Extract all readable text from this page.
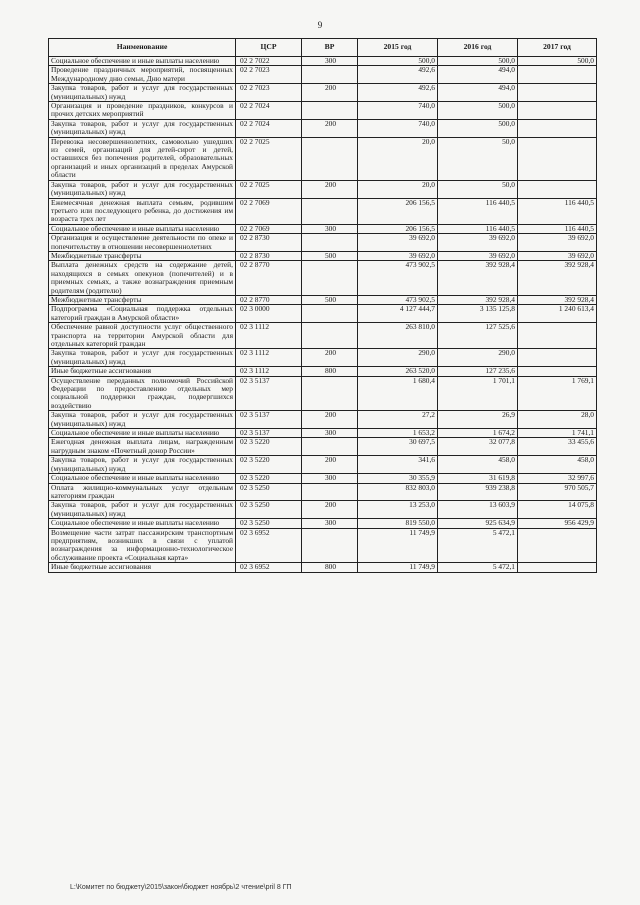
9
Наименование	ЦСР	ВР	2015 год	2016 год	2017 год
Социальное обеспечение и иные выплаты населению	02 2 7022	300	500,0	500,0	500,0
Проведение праздничных мероприятий, посвященных Международному дню семьи, Дню матери	02 2 7023		492,6	494,0	
Закупка товаров, работ и услуг для государственных (муниципальных) нужд	02 2 7023	200	492,6	494,0	
Организация и проведение праздников, конкурсов и прочих детских мероприятий	02 2 7024		740,0	500,0	
Закупка товаров, работ и услуг для государственных (муниципальных) нужд	02 2 7024	200	740,0	500,0	
Перевозка несовершеннолетних, самовольно ушедших из семей, организаций для детей-сирот и детей, оставшихся без попечения родителей, образовательных организаций и иных организаций в пределах Амурской области	02 2 7025		20,0	50,0	
Закупка товаров, работ и услуг для государственных (муниципальных) нужд	02 2 7025	200	20,0	50,0	
Ежемесячная денежная выплата семьям, родившим третьего или последующего ребенка, до достижения им возраста трех лет	02 2 7069		206 156,5	116 440,5	116 440,5
Социальное обеспечение и иные выплаты населению	02 2 7069	300	206 156,5	116 440,5	116 440,5
Организация и осуществление деятельности по опеке и попечительству в отношении несовершеннолетних	02 2 8730		39 692,0	39 692,0	39 692,0
Межбюджетные трансферты	02 2 8730	500	39 692,0	39 692,0	39 692,0
Выплата денежных средств на содержание детей, находящихся в семьях опекунов (попечителей) и в приемных семьях, а также вознаграждения приемным родителям (родителю)	02 2 8770		473 902,5	392 928,4	392 928,4
Межбюджетные трансферты	02 2 8770	500	473 902,5	392 928,4	392 928,4
Подпрограмма «Социальная поддержка отдельных категорий граждан в Амурской области»	02 3 0000		4 127 444,7	3 135 125,8	1 240 613,4
Обеспечение равной доступности услуг общественного транспорта на территории Амурской области для отдельных категорий граждан	02 3 1112		263 810,0	127 525,6	
Закупка товаров, работ и услуг для государственных (муниципальных) нужд	02 3 1112	200	290,0	290,0	
Иные бюджетные ассигнования	02 3 1112	800	263 520,0	127 235,6	
Осуществление переданных полномочий Российской Федерации по предоставлению отдельных мер социальной поддержки граждан, подвергшихся воздействию	02 3 5137		1 680,4	1 701,1	1 769,1
Закупка товаров, работ и услуг для государственных (муниципальных) нужд	02 3 5137	200	27,2	26,9	28,0
Социальное обеспечение и иные выплаты населению	02 3 5137	300	1 653,2	1 674,2	1 741,1
Ежегодная денежная выплата лицам, награжденным нагрудным знаком «Почетный донор России»	02 3 5220		30 697,5	32 077,8	33 455,6
Закупка товаров, работ и услуг для государственных (муниципальных) нужд	02 3 5220	200	341,6	458,0	458,0
Социальное обеспечение и иные выплаты населению	02 3 5220	300	30 355,9	31 619,8	32 997,6
Оплата жилищно-коммунальных услуг отдельным категориям граждан	02 3 5250		832 803,0	939 238,8	970 505,7
Закупка товаров, работ и услуг для государственных (муниципальных) нужд	02 3 5250	200	13 253,0	13 603,9	14 075,8
Социальное обеспечение и иные выплаты населению	02 3 5250	300	819 550,0	925 634,9	956 429,9
Возмещение части затрат пассажирским транспортным предприятиям, возникших в связи с уплатой вознаграждения за информационно-технологическое обслуживание проекта «Социальная карта»	02 3 6952		11 749,9	5 472,1	
Иные бюджетные ассигнования	02 3 6952	800	11 749,9	5 472,1	
L:\Комитет по бюджету\2015\закон\бюджет ноябрь\2 чтение\pril 8 ГП
